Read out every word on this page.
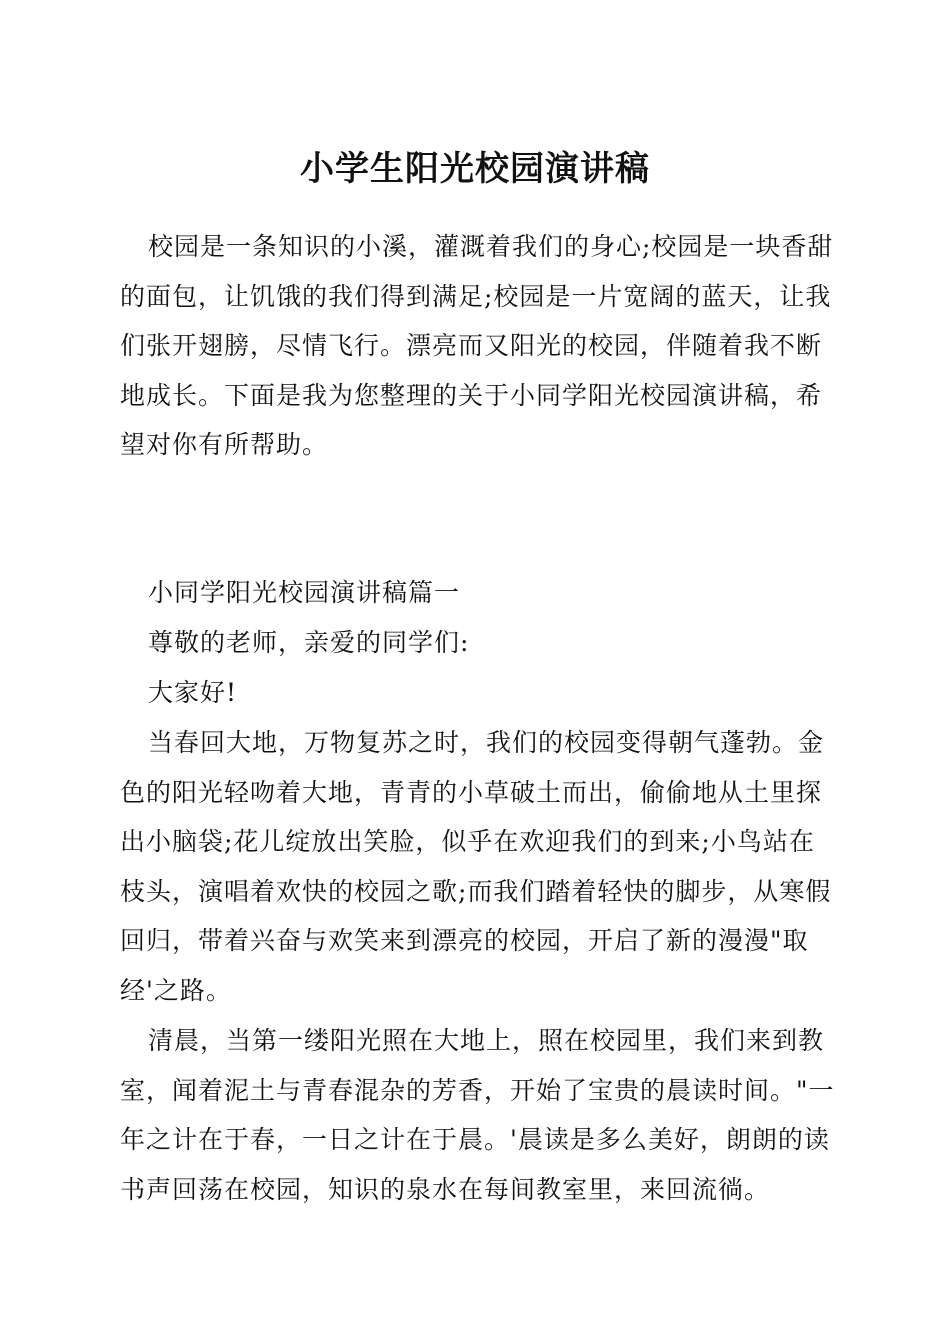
小学生阳光校园演讲稿

校园是一条知识的小溪，灌溉着我们的身心;校园是一块香甜的面包，让饥饿的我们得到满足;校园是一片宽阔的蓝天，让我们张开翅膀，尽情飞行。漂亮而又阳光的校园，伴随着我不断地成长。下面是我为您整理的关于小同学阳光校园演讲稿，希望对你有所帮助。

小同学阳光校园演讲稿篇一

尊敬的老师，亲爱的同学们:

大家好!

当春回大地，万物复苏之时，我们的校园变得朝气蓬勃。金色的阳光轻吻着大地，青青的小草破土而出，偷偷地从土里探出小脑袋;花儿绽放出笑脸，似乎在欢迎我们的到来;小鸟站在枝头，演唱着欢快的校园之歌;而我们踏着轻快的脚步，从寒假回归，带着兴奋与欢笑来到漂亮的校园，开启了新的漫漫"取经'之路。

清晨，当第一缕阳光照在大地上，照在校园里，我们来到教室，闻着泥土与青春混杂的芳香，开始了宝贵的晨读时间。"一年之计在于春，一日之计在于晨。'晨读是多么美好，朗朗的读书声回荡在校园，知识的泉水在每间教室里，来回流徜。
